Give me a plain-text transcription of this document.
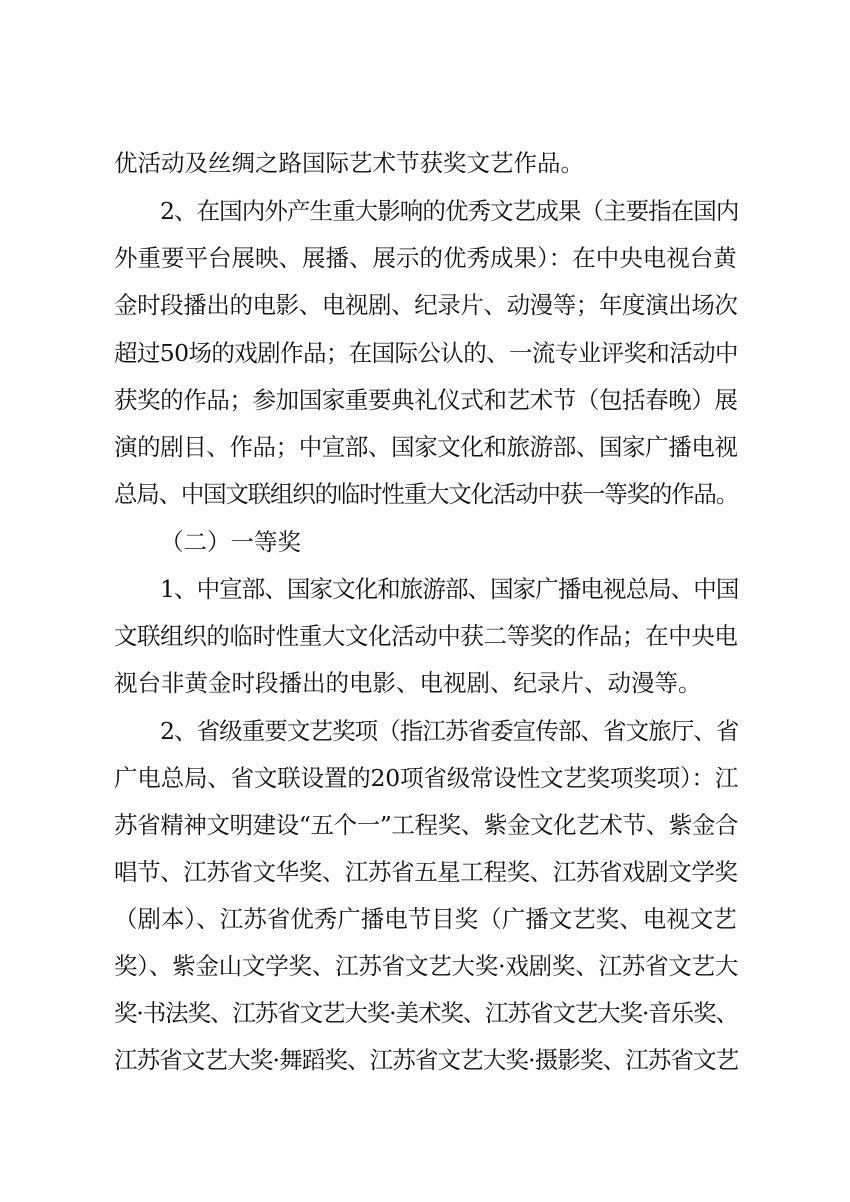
优活动及丝绸之路国际艺术节获奖文艺作品。
2、在国内外产生重大影响的优秀文艺成果（主要指在国内
外重要平台展映、展播、展示的优秀成果）：在中央电视台黄
金时段播出的电影、电视剧、纪录片、动漫等；年度演出场次
超过50场的戏剧作品；在国际公认的、一流专业评奖和活动中
获奖的作品；参加国家重要典礼仪式和艺术节（包括春晚）展
演的剧目、作品；中宣部、国家文化和旅游部、国家广播电视
总局、中国文联组织的临时性重大文化活动中获一等奖的作品。
（二）一等奖
1、中宣部、国家文化和旅游部、国家广播电视总局、中国
文联组织的临时性重大文化活动中获二等奖的作品；在中央电
视台非黄金时段播出的电影、电视剧、纪录片、动漫等。
2、省级重要文艺奖项（指江苏省委宣传部、省文旅厅、省
广电总局、省文联设置的20项省级常设性文艺奖项奖项）：江
苏省精神文明建设“五个一”工程奖、紫金文化艺术节、紫金合
唱节、江苏省文华奖、江苏省五星工程奖、江苏省戏剧文学奖
（剧本）、江苏省优秀广播电节目奖（广播文艺奖、电视文艺
奖）、紫金山文学奖、江苏省文艺大奖·戏剧奖、江苏省文艺大
奖·书法奖、江苏省文艺大奖·美术奖、江苏省文艺大奖·音乐奖、
江苏省文艺大奖·舞蹈奖、江苏省文艺大奖·摄影奖、江苏省文艺
